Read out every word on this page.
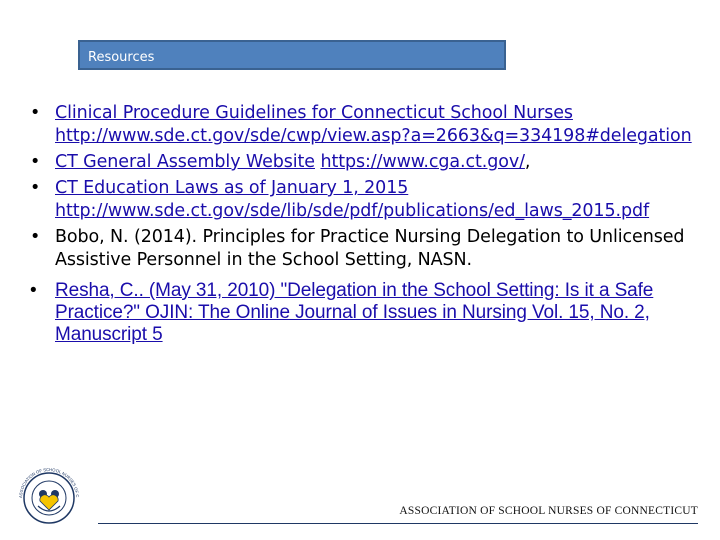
Resources
• Clinical Procedure Guidelines for Connecticut School Nurses
http://www.sde.ct.gov/sde/cwp/view.asp?a=2663&q=334198#delegation
• CT General Assembly Website https://www.cga.ct.gov/,
• CT Education Laws as of January 1, 2015
http://www.sde.ct.gov/sde/lib/sde/pdf/publications/ed_laws_2015.pdf
• Bobo, N. (2014). Principles for Practice Nursing Delegation to Unlicensed Assistive Personnel in the School Setting, NASN.
• Resha, C.. (May 31, 2010) "Delegation in the School Setting: Is it a Safe Practice?" OJIN: The Online Journal of Issues in Nursing Vol. 15, No. 2, Manuscript 5
ASSOCIATION OF SCHOOL NURSES OF C
ASSOCIATION OF SCHOOL NURSES OF CONNECTICUT
